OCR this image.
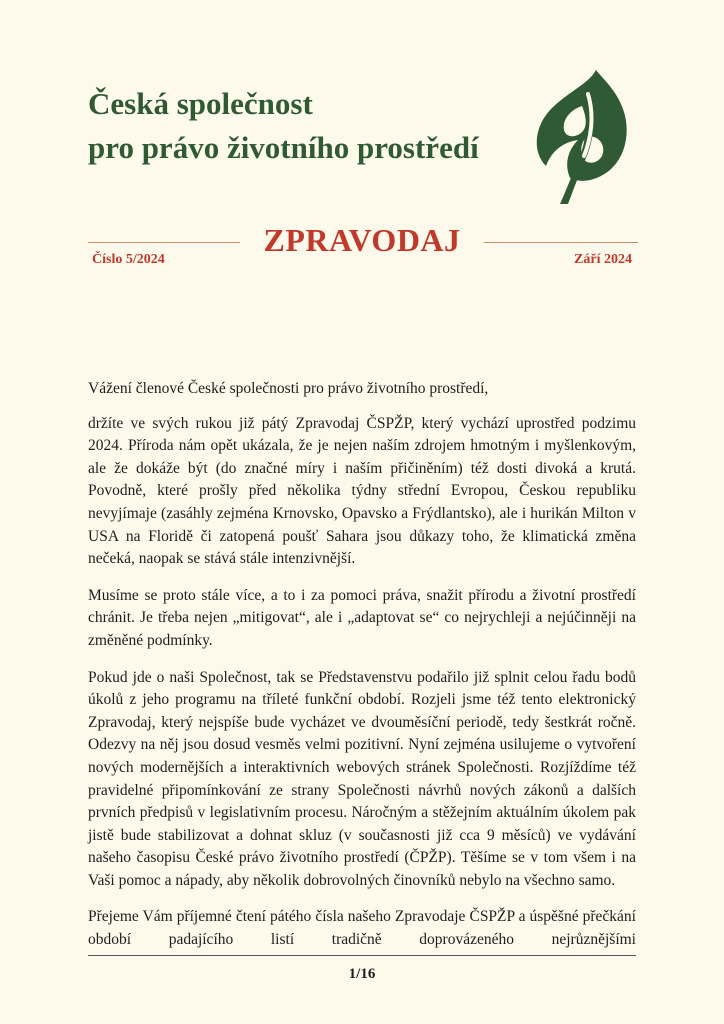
Česká společnost
pro právo životního prostředí
ZPRAVODAJ

Číslo 5/2024	Září 2024

Vážení členové České společnosti pro právo životního prostředí,

držíte ve svých rukou již pátý Zpravodaj ČSPŽP, který vychází uprostřed podzimu 2024. Příroda nám opět ukázala, že je nejen naším zdrojem hmotným i myšlenkovým, ale že dokáže být (do značné míry i naším přičiněním) též dosti divoká a krutá. Povodně, které prošly před několika týdny střední Evropou, Českou republiku nevyjímaje (zasáhly zejména Krnovsko, Opavsko a Frýdlantsko), ale i hurikán Milton v USA na Floridě či zatopená poušť Sahara jsou důkazy toho, že klimatická změna nečeká, naopak se stává stále intenzivnější.

Musíme se proto stále více, a to i za pomoci práva, snažit přírodu a životní prostředí chránit. Je třeba nejen „mitigovat“, ale i „adaptovat se“ co nejrychleji a nejúčinněji na změněné podmínky.

Pokud jde o naši Společnost, tak se Představenstvu podařilo již splnit celou řadu bodů úkolů z jeho programu na tříleté funkční období. Rozjeli jsme též tento elektronický Zpravodaj, který nejspíše bude vycházet ve dvouměsíční periodě, tedy šestkrát ročně. Odezvy na něj jsou dosud vesměs velmi pozitivní. Nyní zejména usilujeme o vytvoření nových modernějších a interaktivních webových stránek Společnosti. Rozjíždíme též pravidelné připomínkování ze strany Společnosti návrhů nových zákonů a dalších prvních předpisů v legislativním procesu. Náročným a stěžejním aktuálním úkolem pak jistě bude stabilizovat a dohnat skluz (v současnosti již cca 9 měsíců) ve vydávání našeho časopisu České právo životního prostředí (ČPŽP). Těšíme se v tom všem i na Vaši pomoc a nápady, aby několik dobrovolných činovníků nebylo na všechno samo.

Přejeme Vám příjemné čtení pátého čísla našeho Zpravodaje ČSPŽP a úspěšné přečkání období padajícího listí tradičně doprovázeného nejrůznějšími

1/16
